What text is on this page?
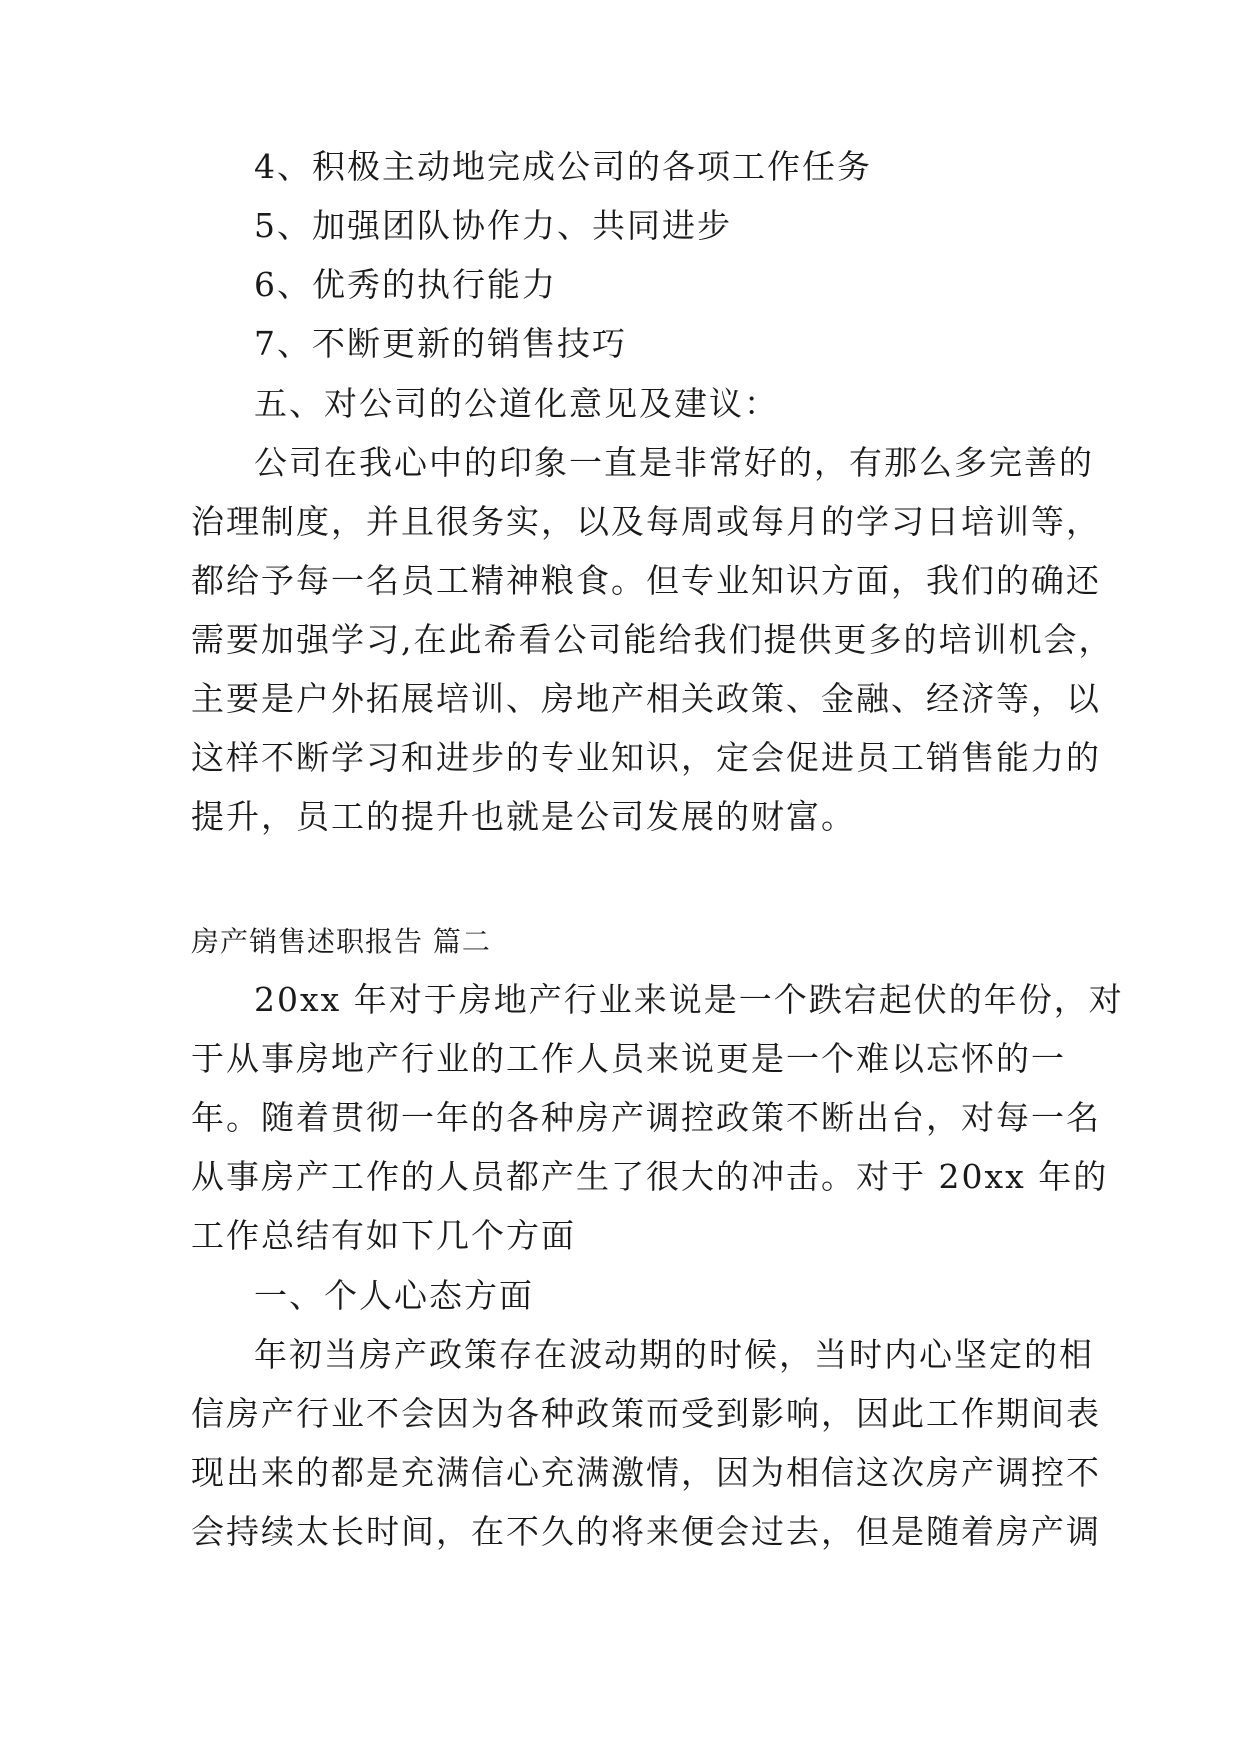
4、积极主动地完成公司的各项工作任务
5、加强团队协作力、共同进步
6、优秀的执行能力
7、不断更新的销售技巧
五、对公司的公道化意见及建议：
公司在我心中的印象一直是非常好的，有那么多完善的
治理制度，并且很务实，以及每周或每月的学习日培训等，
都给予每一名员工精神粮食。但专业知识方面，我们的确还
需要加强学习,在此希看公司能给我们提供更多的培训机会，
主要是户外拓展培训、房地产相关政策、金融、经济等，以
这样不断学习和进步的专业知识，定会促进员工销售能力的
提升，员工的提升也就是公司发展的财富。
房产销售述职报告 篇二
20xx 年对于房地产行业来说是一个跌宕起伏的年份，对
于从事房地产行业的工作人员来说更是一个难以忘怀的一
年。随着贯彻一年的各种房产调控政策不断出台，对每一名
从事房产工作的人员都产生了很大的冲击。对于 20xx 年的
工作总结有如下几个方面
一、个人心态方面
年初当房产政策存在波动期的时候，当时内心坚定的相
信房产行业不会因为各种政策而受到影响，因此工作期间表
现出来的都是充满信心充满激情，因为相信这次房产调控不
会持续太长时间，在不久的将来便会过去，但是随着房产调
